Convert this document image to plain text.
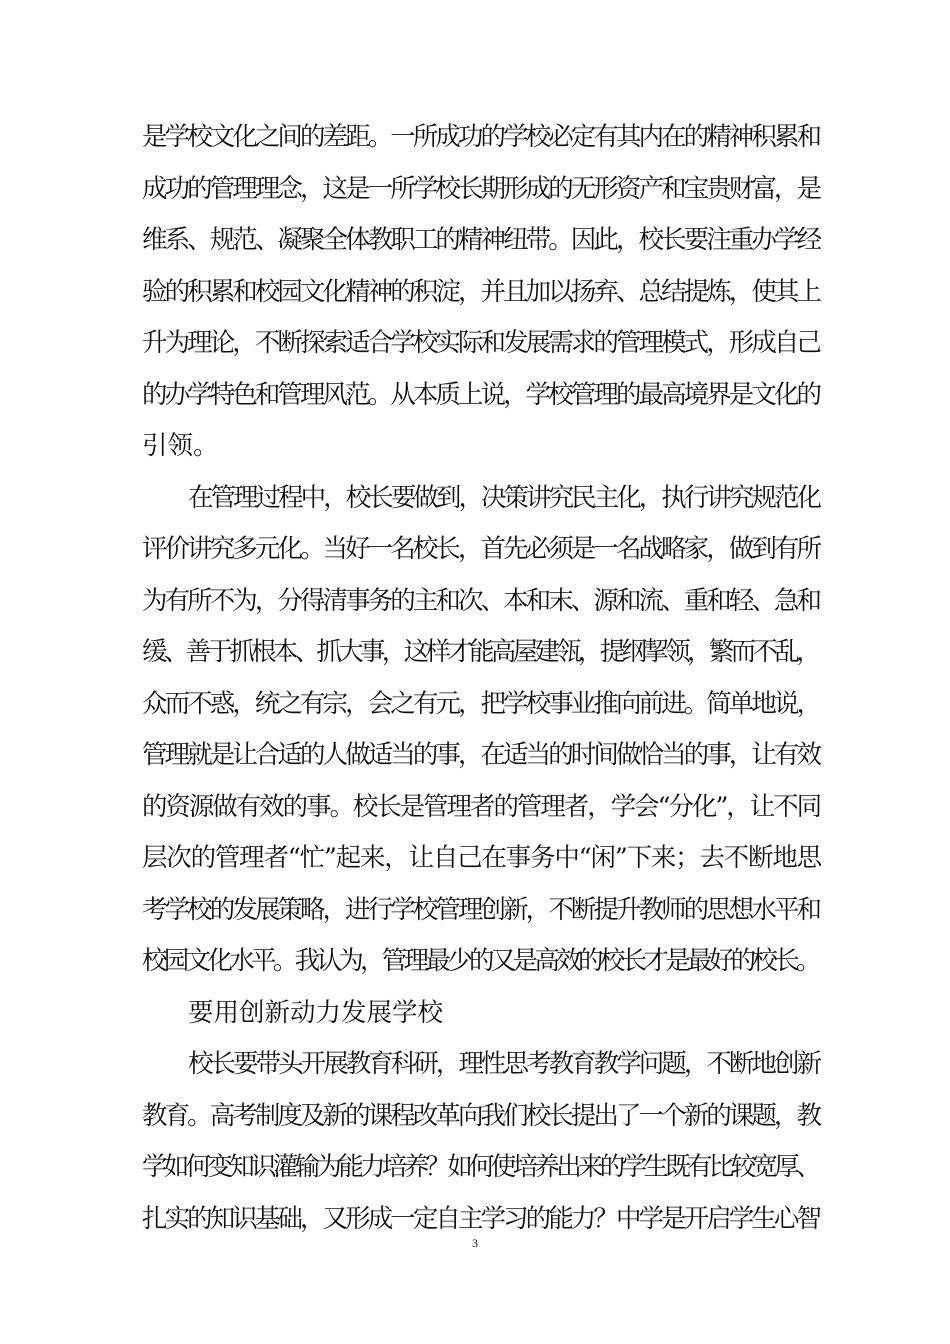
是学校文化之间的差距。一所成功的学校必定有其内在的精神积累和
成功的管理理念，这是一所学校长期形成的无形资产和宝贵财富，是
维系、规范、凝聚全体教职工的精神纽带。因此，校长要注重办学经
验的积累和校园文化精神的积淀，并且加以扬弃、总结提炼，使其上
升为理论，不断探索适合学校实际和发展需求的管理模式，形成自己
的办学特色和管理风范。从本质上说，学校管理的最高境界是文化的
引领。
在管理过程中，校长要做到，决策讲究民主化，执行讲究规范化
评价讲究多元化。当好一名校长，首先必须是一名战略家，做到有所
为有所不为，分得清事务的主和次、本和末、源和流、重和轻、急和
缓、善于抓根本、抓大事，这样才能高屋建瓴，提纲挈领，繁而不乱，
众而不惑，统之有宗，会之有元，把学校事业推向前进。简单地说，
管理就是让合适的人做适当的事，在适当的时间做恰当的事，让有效
的资源做有效的事。校长是管理者的管理者，学会“分化”，让不同
层次的管理者“忙”起来，让自己在事务中“闲”下来；去不断地思
考学校的发展策略，进行学校管理创新，不断提升教师的思想水平和
校园文化水平。我认为，管理最少的又是高效的校长才是最好的校长。
要用创新动力发展学校
校长要带头开展教育科研，理性思考教育教学问题，不断地创新
教育。高考制度及新的课程改革向我们校长提出了一个新的课题，教
学如何变知识灌输为能力培养？如何使培养出来的学生既有比较宽厚、
扎实的知识基础，又形成一定自主学习的能力？中学是开启学生心智
3
